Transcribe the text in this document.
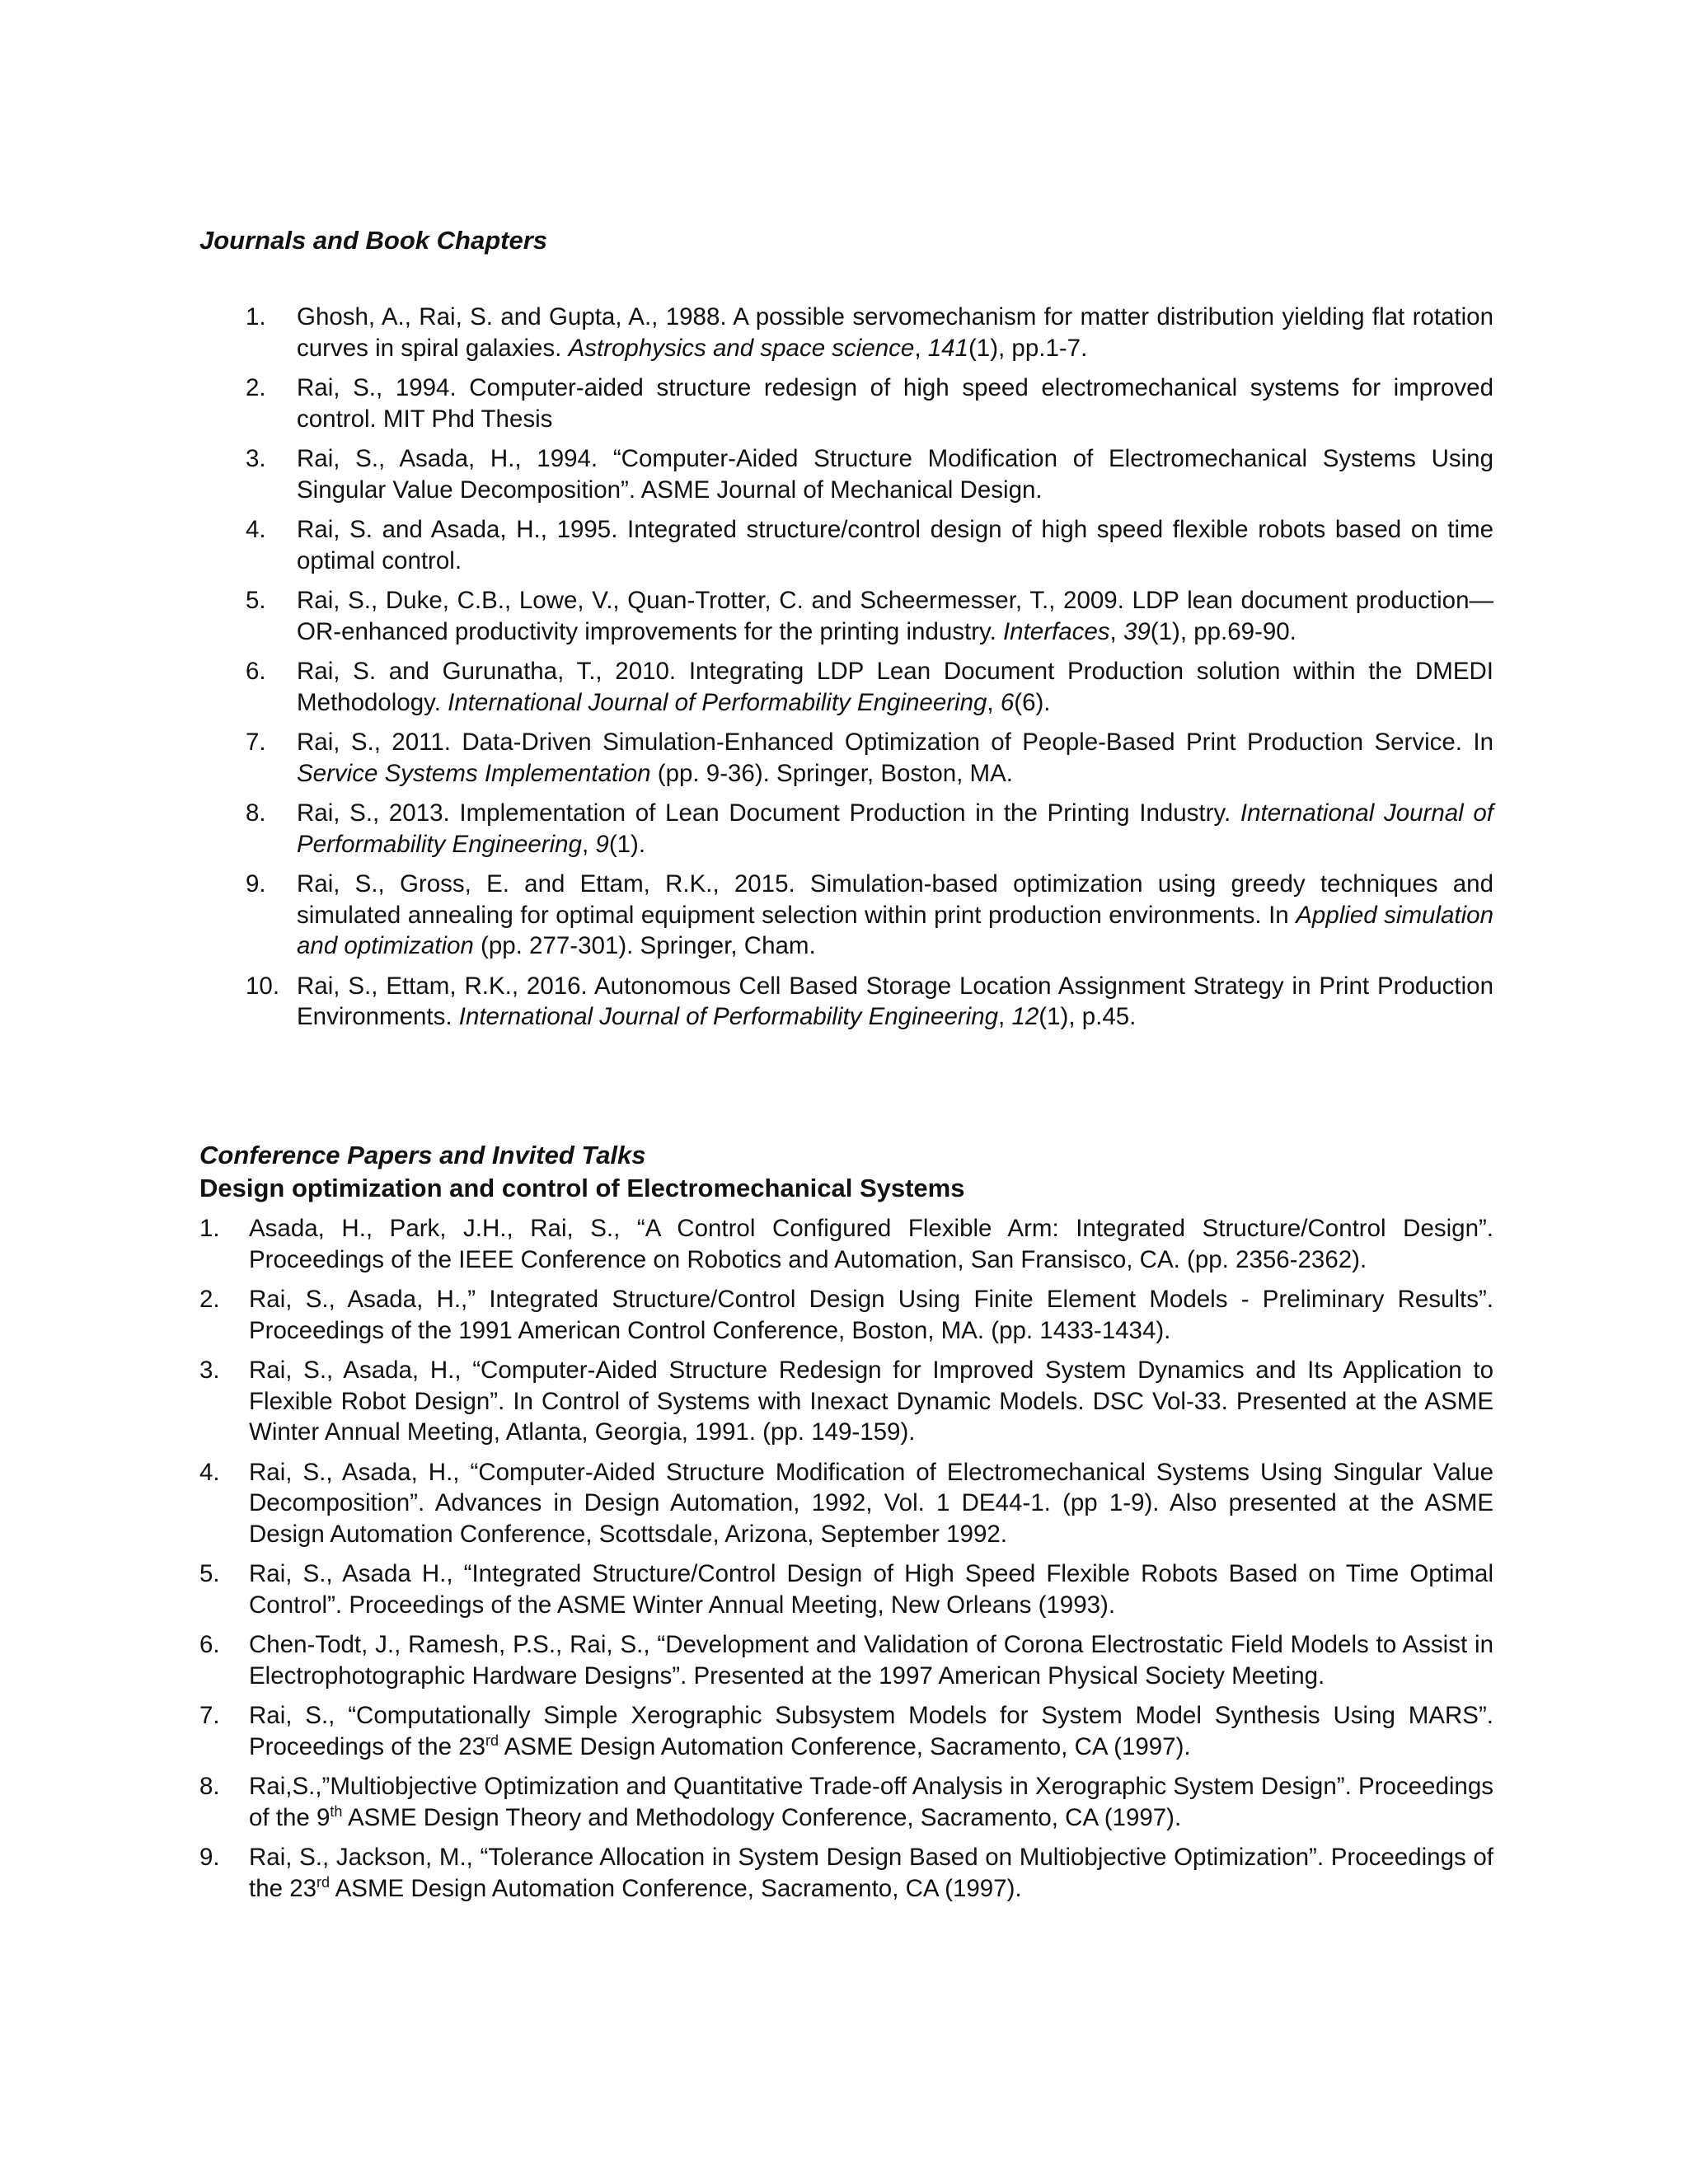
Journals and Book Chapters
1. Ghosh, A., Rai, S. and Gupta, A., 1988. A possible servomechanism for matter distribution yielding flat rotation curves in spiral galaxies. Astrophysics and space science, 141(1), pp.1-7.

2. Rai, S., 1994. Computer-aided structure redesign of high speed electromechanical systems for improved control. MIT Phd Thesis

3. Rai, S., Asada, H., 1994. “Computer-Aided Structure Modification of Electromechanical Systems Using Singular Value Decomposition”. ASME Journal of Mechanical Design.

4. Rai, S. and Asada, H., 1995. Integrated structure/control design of high speed flexible robots based on time optimal control.

5. Rai, S., Duke, C.B., Lowe, V., Quan-Trotter, C. and Scheermesser, T., 2009. LDP lean document production—OR-enhanced productivity improvements for the printing industry. Interfaces, 39(1), pp.69-90.

6. Rai, S. and Gurunatha, T., 2010. Integrating LDP Lean Document Production solution within the DMEDI Methodology. International Journal of Performability Engineering, 6(6).

7. Rai, S., 2011. Data-Driven Simulation-Enhanced Optimization of People-Based Print Production Service. In Service Systems Implementation (pp. 9-36). Springer, Boston, MA.

8. Rai, S., 2013. Implementation of Lean Document Production in the Printing Industry. International Journal of Performability Engineering, 9(1).

9. Rai, S., Gross, E. and Ettam, R.K., 2015. Simulation-based optimization using greedy techniques and simulated annealing for optimal equipment selection within print production environments. In Applied simulation and optimization (pp. 277-301). Springer, Cham.

10. Rai, S., Ettam, R.K., 2016. Autonomous Cell Based Storage Location Assignment Strategy in Print Production Environments. International Journal of Performability Engineering, 12(1), p.45.

Conference Papers and Invited Talks
Design optimization and control of Electromechanical Systems
1. Asada, H., Park, J.H., Rai, S., “A Control Configured Flexible Arm: Integrated Structure/Control Design”. Proceedings of the IEEE Conference on Robotics and Automation, San Fransisco, CA. (pp. 2356-2362).

2. Rai, S., Asada, H.,” Integrated Structure/Control Design Using Finite Element Models - Preliminary Results”. Proceedings of the 1991 American Control Conference, Boston, MA. (pp. 1433-1434).

3. Rai, S., Asada, H., “Computer-Aided Structure Redesign for Improved System Dynamics and Its Application to Flexible Robot Design”. In Control of Systems with Inexact Dynamic Models. DSC Vol-33. Presented at the ASME Winter Annual Meeting, Atlanta, Georgia, 1991. (pp. 149-159).

4. Rai, S., Asada, H., “Computer-Aided Structure Modification of Electromechanical Systems Using Singular Value Decomposition”. Advances in Design Automation, 1992, Vol. 1 DE44-1. (pp 1-9). Also presented at the ASME Design Automation Conference, Scottsdale, Arizona, September 1992.

5. Rai, S., Asada H., “Integrated Structure/Control Design of High Speed Flexible Robots Based on Time Optimal Control”. Proceedings of the ASME Winter Annual Meeting, New Orleans (1993).

6. Chen-Todt, J., Ramesh, P.S., Rai, S., “Development and Validation of Corona Electrostatic Field Models to Assist in Electrophotographic Hardware Designs”. Presented at the 1997 American Physical Society Meeting.

7. Rai, S., “Computationally Simple Xerographic Subsystem Models for System Model Synthesis Using MARS”. Proceedings of the 23rd ASME Design Automation Conference, Sacramento, CA (1997).

8. Rai,S.,”Multiobjective Optimization and Quantitative Trade-off Analysis in Xerographic System Design”. Proceedings of the 9th ASME Design Theory and Methodology Conference, Sacramento, CA (1997).

9. Rai, S., Jackson, M., “Tolerance Allocation in System Design Based on Multiobjective Optimization”. Proceedings of the 23rd ASME Design Automation Conference, Sacramento, CA (1997).
